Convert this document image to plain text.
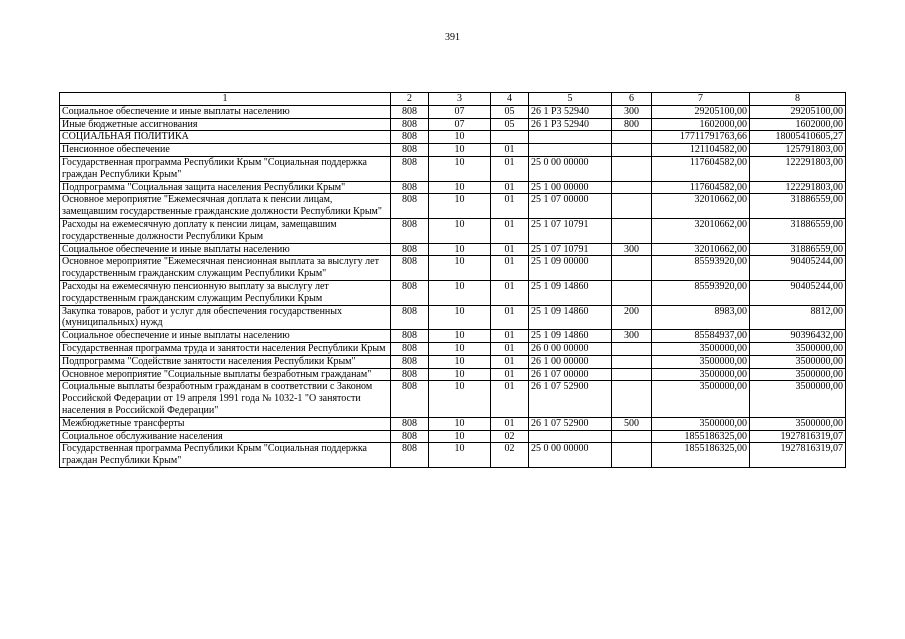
391
1	2	3	4	5	6	7	8
Социальное обеспечение и иные выплаты населению	808	07	05	26 1 Р3 52940	300	29205100,00	29205100,00
Иные бюджетные ассигнования	808	07	05	26 1 Р3 52940	800	1602000,00	1602000,00
СОЦИАЛЬНАЯ ПОЛИТИКА	808	10				17711791763,66	18005410605,27
Пенсионное обеспечение	808	10	01			121104582,00	125791803,00
Государственная программа Республики Крым "Социальная поддержка граждан Республики Крым"	808	10	01	25 0 00 00000		117604582,00	122291803,00
Подпрограмма "Социальная защита населения Республики Крым"	808	10	01	25 1 00 00000		117604582,00	122291803,00
Основное мероприятие "Ежемесячная доплата к пенсии лицам, замещавшим государственные гражданские должности Республики Крым"	808	10	01	25 1 07 00000		32010662,00	31886559,00
Расходы на ежемесячную доплату к пенсии лицам, замещавшим государственные должности Республики Крым	808	10	01	25 1 07 10791		32010662,00	31886559,00
Социальное обеспечение и иные выплаты населению	808	10	01	25 1 07 10791	300	32010662,00	31886559,00
Основное мероприятие "Ежемесячная пенсионная выплата за выслугу лет государственным гражданским служащим Республики Крым"	808	10	01	25 1 09 00000		85593920,00	90405244,00
Расходы на ежемесячную пенсионную выплату за выслугу лет государственным гражданским служащим Республики Крым	808	10	01	25 1 09 14860		85593920,00	90405244,00
Закупка товаров, работ и услуг для обеспечения государственных (муниципальных) нужд	808	10	01	25 1 09 14860	200	8983,00	8812,00
Социальное обеспечение и иные выплаты населению	808	10	01	25 1 09 14860	300	85584937,00	90396432,00
Государственная программа труда и занятости населения Республики Крым	808	10	01	26 0 00 00000		3500000,00	3500000,00
Подпрограмма "Содействие занятости населения Республики Крым"	808	10	01	26 1 00 00000		3500000,00	3500000,00
Основное мероприятие "Социальные выплаты безработным гражданам"	808	10	01	26 1 07 00000		3500000,00	3500000,00
Социальные выплаты безработным гражданам в соответствии с Законом Российской Федерации от 19 апреля 1991 года № 1032-1 "О занятости населения в Российской Федерации"	808	10	01	26 1 07 52900		3500000,00	3500000,00
Межбюджетные трансферты	808	10	01	26 1 07 52900	500	3500000,00	3500000,00
Социальное обслуживание населения	808	10	02			1855186325,00	1927816319,07
Государственная программа Республики Крым "Социальная поддержка граждан Республики Крым"	808	10	02	25 0 00 00000		1855186325,00	1927816319,07
